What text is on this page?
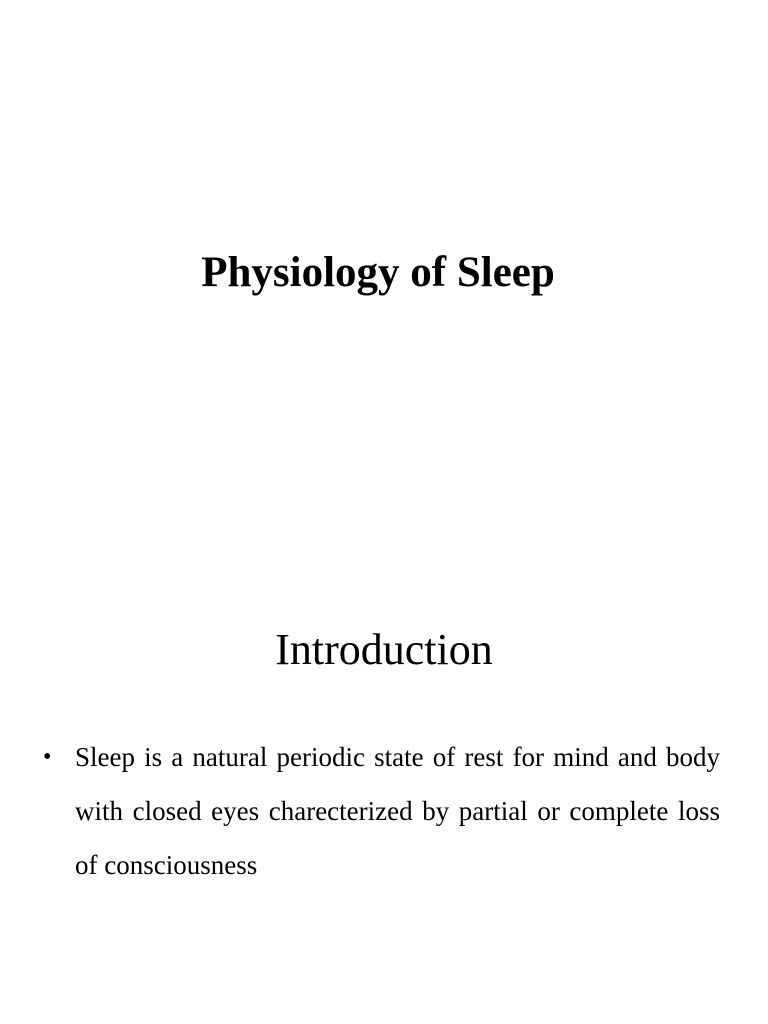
Physiology of Sleep
Introduction
• Sleep is a natural periodic state of rest for mind and body with closed eyes charecterized by partial or complete loss of consciousness
